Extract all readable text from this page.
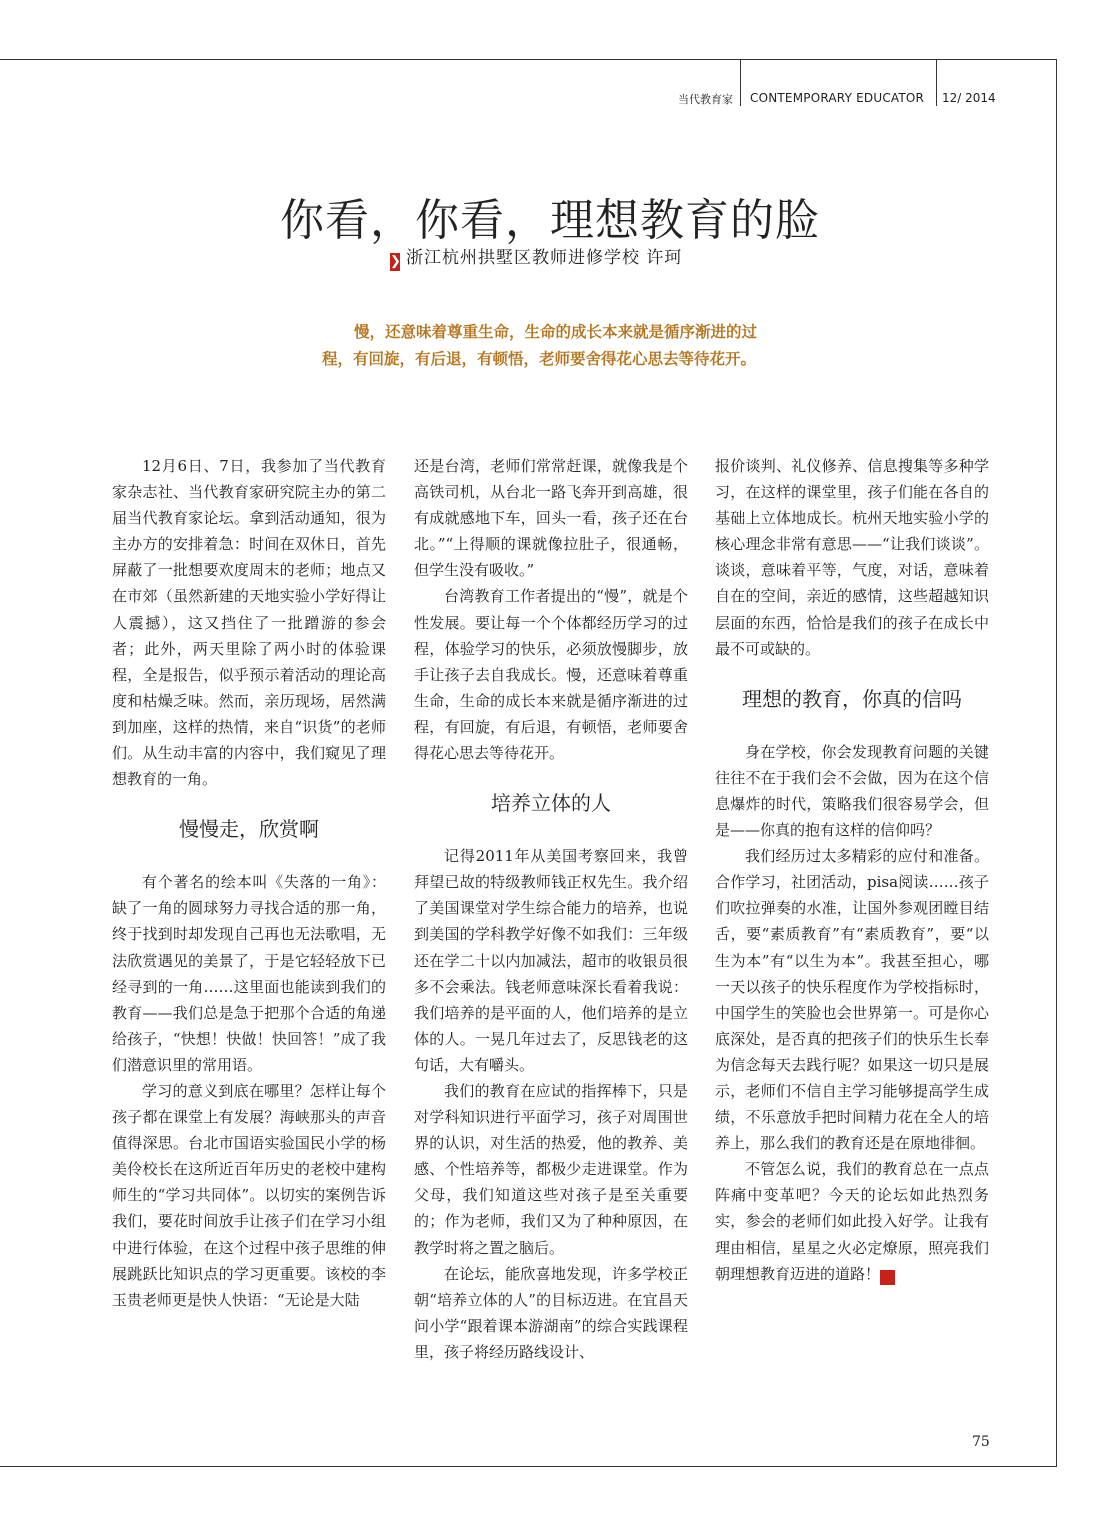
当代教育家 CONTEMPORARY EDUCATOR 12/ 2014
你看，你看，理想教育的脸
❯ 浙江杭州拱墅区教师进修学校 许珂
慢，还意味着尊重生命，生命的成长本来就是循序渐进的过
程，有回旋，有后退，有顿悟，老师要舍得花心思去等待花开。

12月6日、7日，我参加了当代教育家杂志社、当代教育家研究院主办的第二届当代教育家论坛。拿到活动通知，很为主办方的安排着急：时间在双休日，首先屏蔽了一批想要欢度周末的老师；地点又在市郊（虽然新建的天地实验小学好得让人震撼），这又挡住了一批蹭游的参会者；此外，两天里除了两小时的体验课程，全是报告，似乎预示着活动的理论高度和枯燥乏味。然而，亲历现场，居然满到加座，这样的热情，来自“识货”的老师们。从生动丰富的内容中，我们窥见了理想教育的一角。

慢慢走，欣赏啊

有个著名的绘本叫《失落的一角》：缺了一角的圆球努力寻找合适的那一角，终于找到时却发现自己再也无法歌唱，无法欣赏遇见的美景了，于是它轻轻放下已经寻到的一角……这里面也能读到我们的教育——我们总是急于把那个合适的角递给孩子，“快想！快做！快回答！”成了我们潜意识里的常用语。

学习的意义到底在哪里？怎样让每个孩子都在课堂上有发展？海峡那头的声音值得深思。台北市国语实验国民小学的杨美伶校长在这所近百年历史的老校中建构师生的“学习共同体”。以切实的案例告诉我们，要花时间放手让孩子们在学习小组中进行体验，在这个过程中孩子思维的伸展跳跃比知识点的学习更重要。该校的李玉贵老师更是快人快语：“无论是大陆

还是台湾，老师们常常赶课，就像我是个高铁司机，从台北一路飞奔开到高雄，很有成就感地下车，回头一看，孩子还在台北。”“上得顺的课就像拉肚子，很通畅，但学生没有吸收。”

台湾教育工作者提出的“慢”，就是个性发展。要让每一个个体都经历学习的过程，体验学习的快乐，必须放慢脚步，放手让孩子去自我成长。慢，还意味着尊重生命，生命的成长本来就是循序渐进的过程，有回旋，有后退，有顿悟，老师要舍得花心思去等待花开。

培养立体的人

记得2011年从美国考察回来，我曾拜望已故的特级教师钱正权先生。我介绍了美国课堂对学生综合能力的培养，也说到美国的学科教学好像不如我们：三年级还在学二十以内加减法，超市的收银员很多不会乘法。钱老师意味深长看着我说：我们培养的是平面的人，他们培养的是立体的人。一晃几年过去了，反思钱老的这句话，大有嚼头。

我们的教育在应试的指挥棒下，只是对学科知识进行平面学习，孩子对周围世界的认识，对生活的热爱，他的教养、美感、个性培养等，都极少走进课堂。作为父母，我们知道这些对孩子是至关重要的；作为老师，我们又为了种种原因，在教学时将之置之脑后。

在论坛，能欣喜地发现，许多学校正朝“培养立体的人”的目标迈进。在宜昌天问小学“跟着课本游湖南”的综合实践课程里，孩子将经历路线设计、

报价谈判、礼仪修养、信息搜集等多种学习，在这样的课堂里，孩子们能在各自的基础上立体地成长。杭州天地实验小学的核心理念非常有意思——“让我们谈谈”。谈谈，意味着平等，气度，对话，意味着自在的空间，亲近的感情，这些超越知识层面的东西，恰恰是我们的孩子在成长中最不可或缺的。

理想的教育，你真的信吗

身在学校，你会发现教育问题的关键往往不在于我们会不会做，因为在这个信息爆炸的时代，策略我们很容易学会，但是——你真的抱有这样的信仰吗？

我们经历过太多精彩的应付和准备。合作学习，社团活动，pisa阅读……孩子们吹拉弹奏的水准，让国外参观团瞠目结舌，要“素质教育”有“素质教育”，要“以生为本”有“以生为本”。我甚至担心，哪一天以孩子的快乐程度作为学校指标时，中国学生的笑脸也会世界第一。可是你心底深处，是否真的把孩子们的快乐生长奉为信念每天去践行呢？如果这一切只是展示，老师们不信自主学习能够提高学生成绩，不乐意放手把时间精力花在全人的培养上，那么我们的教育还是在原地徘徊。

不管怎么说，我们的教育总在一点点阵痛中变革吧？今天的论坛如此热烈务实，参会的老师们如此投入好学。让我有理由相信，星星之火必定燎原，照亮我们朝理想教育迈进的道路！	家

75
